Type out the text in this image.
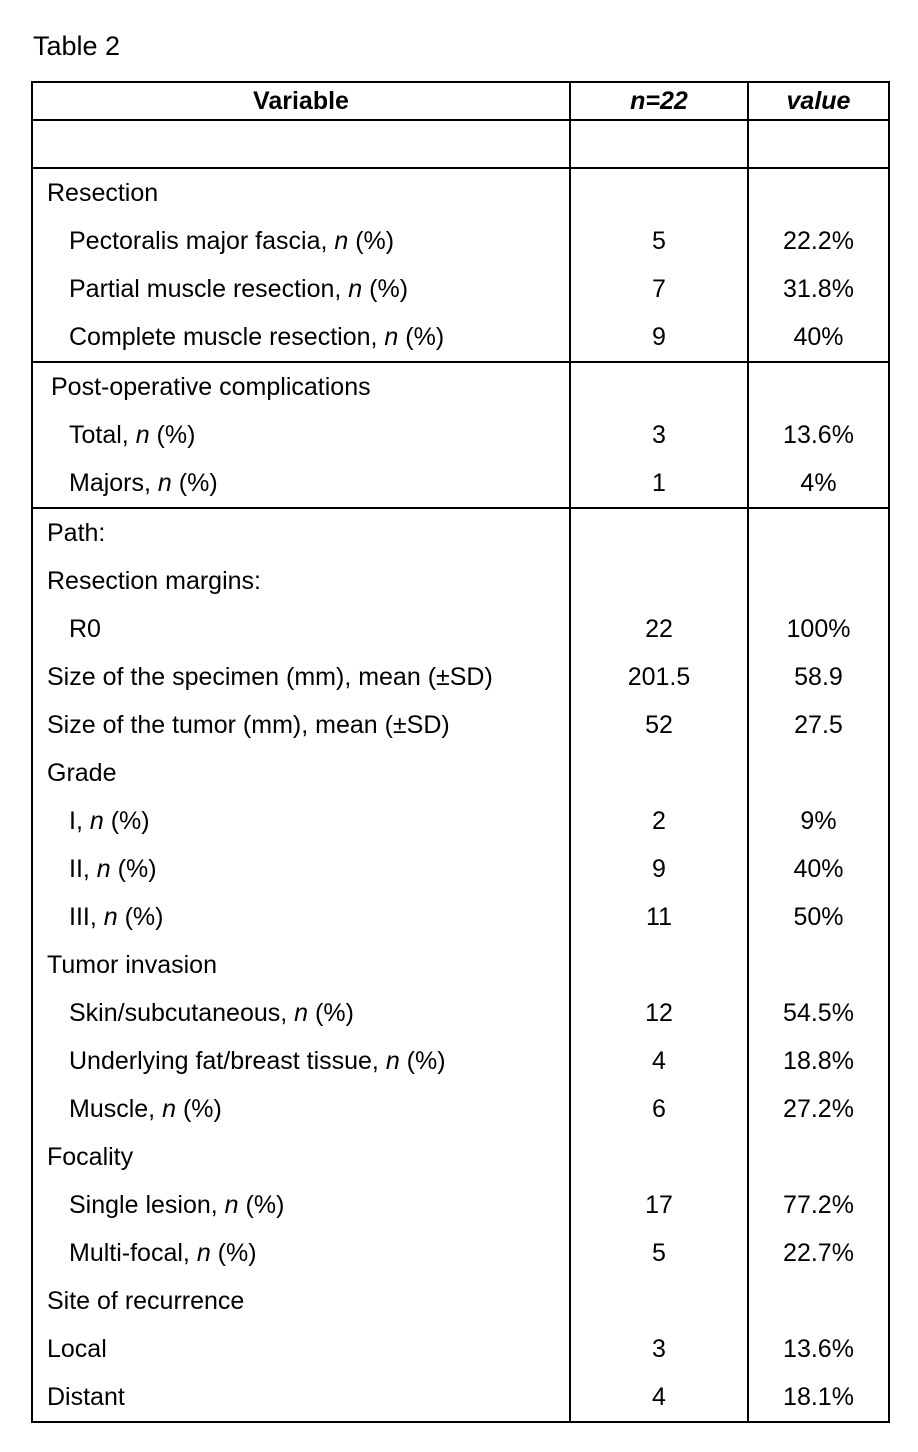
Table 2
Variable	n=22	value

Resection		
Pectoralis major fascia, n (%)	5	22.2%
Partial muscle resection, n (%)	7	31.8%
Complete muscle resection, n (%)	9	40%
Post-operative complications		
Total, n (%)	3	13.6%
Majors, n (%)	1	4%
Path:		
Resection margins:		
R0	22	100%
Size of the specimen (mm), mean (±SD)	201.5	58.9
Size of the tumor (mm), mean (±SD)	52	27.5
Grade		
I, n (%)	2	9%
II, n (%)	9	40%
III, n (%)	11	50%
Tumor invasion		
Skin/subcutaneous, n (%)	12	54.5%
Underlying fat/breast tissue, n (%)	4	18.8%
Muscle, n (%)	6	27.2%
Focality		
Single lesion, n (%)	17	77.2%
Multi-focal, n (%)	5	22.7%
Site of recurrence		
Local	3	13.6%
Distant	4	18.1%
